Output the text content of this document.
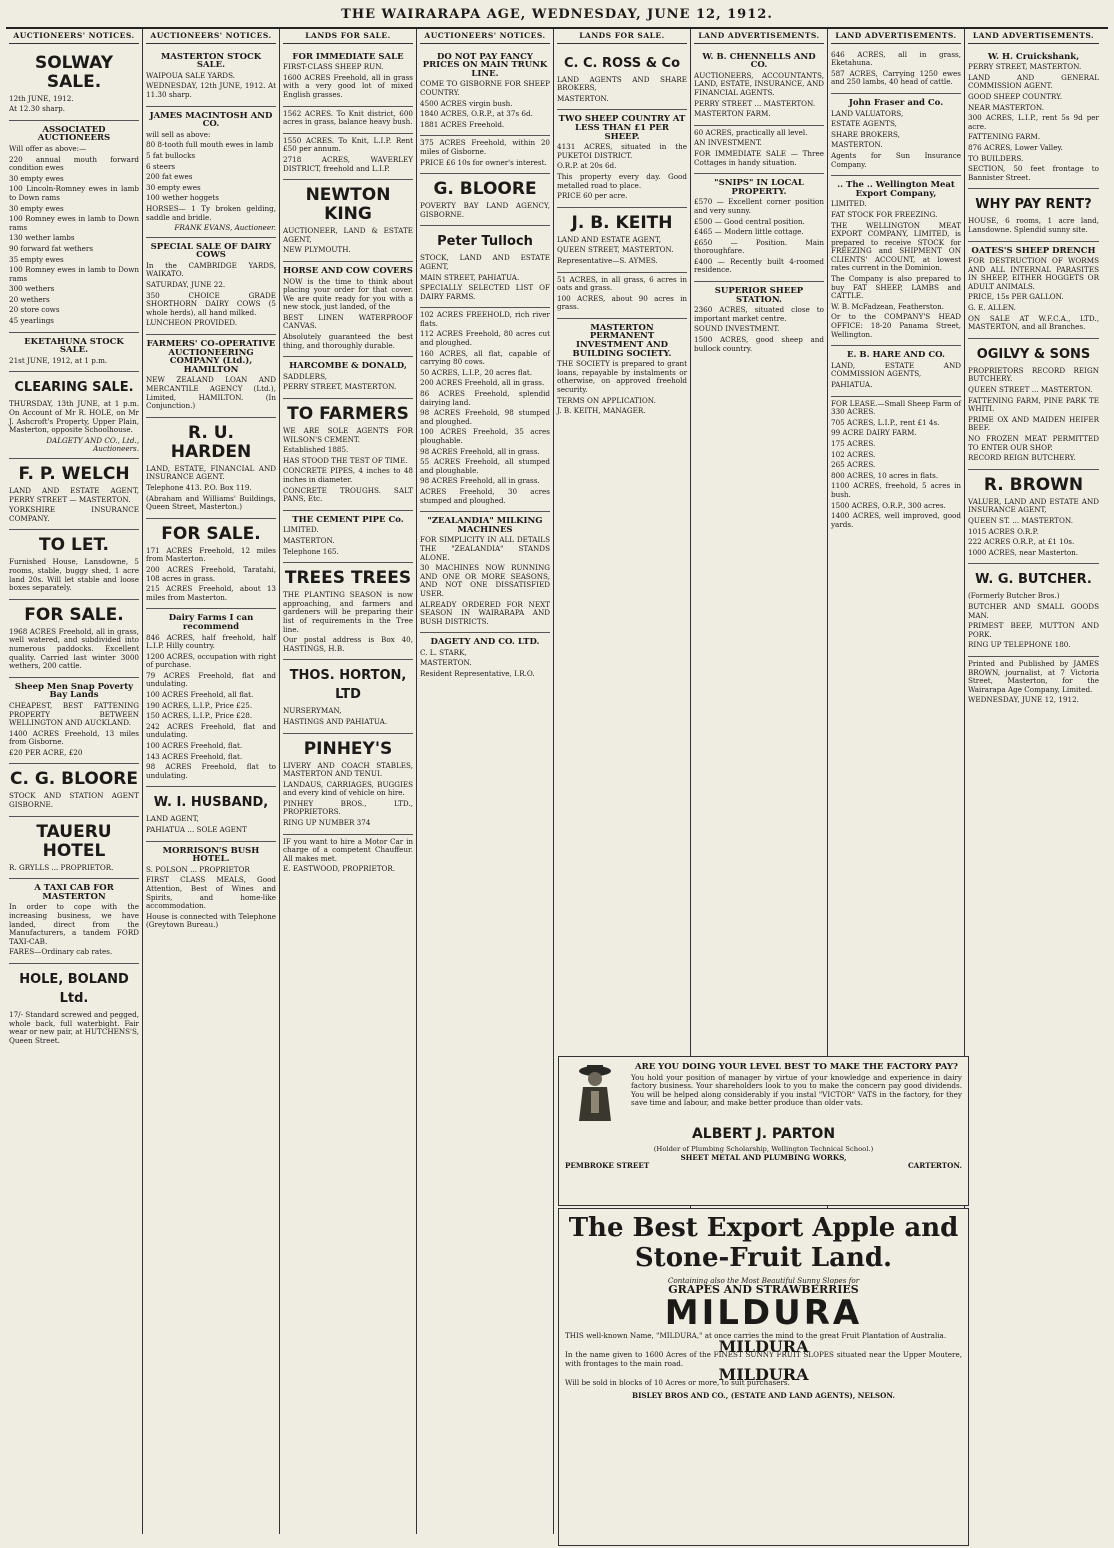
THE WAIRARAPA AGE, WEDNESDAY, JUNE 12, 1912.
AUCTIONEERS' NOTICES.
SOLWAY SALE.

12th JUNE, 1912.

At 12.30 sharp.

ASSOCIATED AUCTIONEERS

Will offer as above:—

220 annual mouth forward condition ewes

30 empty ewes

100 Lincoln-Romney ewes in lamb to Down rams

30 empty ewes

100 Romney ewes in lamb to Down rams

130 wether lambs

90 forward fat wethers

35 empty ewes

100 Romney ewes in lamb to Down rams

300 wethers

20 wethers

20 store cows

45 yearlings

EKETAHUNA STOCK SALE.

21st JUNE, 1912, at 1 p.m.

CLEARING SALE.

THURSDAY, 13th JUNE, at 1 p.m. On Account of Mr R. HOLE, on Mr J. Ashcroft's Property, Upper Plain, Masterton, opposite Schoolhouse.

DALGETY AND CO., Ltd., Auctioneers.
F. P. WELCH

LAND AND ESTATE AGENT, PERRY STREET — MASTERTON.

YORKSHIRE INSURANCE COMPANY.

TO LET.

Furnished House, Lansdowne, 5 rooms, stable, buggy shed, 1 acre land 20s. Will let stable and loose boxes separately.

FOR SALE.

1968 ACRES Freehold, all in grass, well watered, and subdivided into numerous paddocks. Excellent quality. Carried last winter 3000 wethers, 200 cattle.

Sheep Men Snap Poverty Bay Lands

CHEAPEST, BEST FATTENING PROPERTY BETWEEN WELLINGTON AND AUCKLAND.

1400 ACRES Freehold, 13 miles from Gisborne.

£20 PER ACRE, £20

C. G. BLOORE

STOCK AND STATION AGENT GISBORNE.

TAUERU HOTEL

R. GRYLLS ... PROPRIETOR.

A TAXI CAB FOR MASTERTON

In order to cope with the increasing business, we have landed, direct from the Manufacturers, a tandem FORD TAXI-CAB.

FARES—Ordinary cab rates.

HOLE, BOLAND Ltd.

17/- Standard screwed and pegged, whole back, full waterbight. Fair wear or new pair, at HUTCHENS'S, Queen Street.

AUCTIONEERS' NOTICES.
MASTERTON STOCK SALE.

WAIPOUA SALE YARDS.

WEDNESDAY, 12th JUNE, 1912. At 11.30 sharp.

JAMES MACINTOSH AND CO.

will sell as above:

80 8-tooth full mouth ewes in lamb

5 fat bullocks

6 steers

200 fat ewes

30 empty ewes

100 wether hoggets

HORSES— 1 Ty broken gelding, saddle and bridle.

FRANK EVANS, Auctioneer.
SPECIAL SALE OF DAIRY COWS

In the CAMBRIDGE YARDS, WAIKATO.

SATURDAY, JUNE 22.

350 CHOICE GRADE SHORTHORN DAIRY COWS (5 whole herds), all hand milked.

LUNCHEON PROVIDED.

FARMERS' CO-OPERATIVE AUCTIONEERING COMPANY (Ltd.), HAMILTON

NEW ZEALAND LOAN AND MERCANTILE AGENCY (Ltd.), Limited, HAMILTON. (In Conjunction.)

R. U. HARDEN

LAND, ESTATE, FINANCIAL AND INSURANCE AGENT.

Telephone 413. P.O. Box 119.

(Abraham and Williams' Buildings, Queen Street, Masterton.)

FOR SALE.

171 ACRES Freehold, 12 miles from Masterton.

200 ACRES Freehold, Taratahi, 108 acres in grass.

215 ACRES Freehold, about 13 miles from Masterton.

Dairy Farms I can recommend

846 ACRES, half freehold, half L.I.P. Hilly country.

1200 ACRES, occupation with right of purchase.

79 ACRES Freehold, flat and undulating.

100 ACRES Freehold, all flat.

190 ACRES, L.I.P., Price £25.

150 ACRES, L.I.P., Price £28.

242 ACRES Freehold, flat and undulating.

100 ACRES Freehold, flat.

143 ACRES Freehold, flat.

98 ACRES Freehold, flat to undulating.

W. I. HUSBAND,

LAND AGENT,

PAHIATUA ... SOLE AGENT

MORRISON'S BUSH HOTEL.

S. POLSON ... PROPRIETOR

FIRST CLASS MEALS, Good Attention, Best of Wines and Spirits, and home-like accommodation.

House is connected with Telephone (Greytown Bureau.)

LANDS FOR SALE.
FOR IMMEDIATE SALE

FIRST-CLASS SHEEP RUN.

1600 ACRES Freehold, all in grass with a very good lot of mixed English grasses.

1562 ACRES. To Knit district, 600 acres in grass, balance heavy bush.

1550 ACRES. To Knit, L.I.P. Rent £50 per annum.

2718 ACRES, WAVERLEY DISTRICT, freehold and L.I.P.

NEWTON KING

AUCTIONEER, LAND & ESTATE AGENT,

NEW PLYMOUTH.

HORSE AND COW COVERS

NOW is the time to think about placing your order for that cover. We are quite ready for you with a new stock, just landed, of the

BEST LINEN WATERPROOF CANVAS.

Absolutely guaranteed the best thing, and thoroughly durable.

HARCOMBE & DONALD,

SADDLERS,

PERRY STREET, MASTERTON.

TO FARMERS

WE ARE SOLE AGENTS FOR WILSON'S CEMENT.

Established 1885.

HAS STOOD THE TEST OF TIME.

CONCRETE PIPES, 4 inches to 48 inches in diameter.

CONCRETE TROUGHS. SALT PANS, Etc.

THE CEMENT PIPE Co.

LIMITED.

MASTERTON.

Telephone 165.

TREES TREES

THE PLANTING SEASON is now approaching, and farmers and gardeners will be preparing their list of requirements in the Tree line.

Our postal address is Box 40, HASTINGS, H.B.

THOS. HORTON, LTD

NURSERYMAN,

HASTINGS AND PAHIATUA.

PINHEY'S

LIVERY AND COACH STABLES, MASTERTON AND TENUI.

LANDAUS, CARRIAGES, BUGGIES and every kind of vehicle on hire.

PINHEY BROS., LTD., PROPRIETORS.

RING UP NUMBER 374

IF you want to hire a Motor Car in charge of a competent Chauffeur. All makes met.

E. EASTWOOD, PROPRIETOR.

AUCTIONEERS' NOTICES.
DO NOT PAY FANCY PRICES ON MAIN TRUNK LINE.

COME TO GISBORNE FOR SHEEP COUNTRY.

4500 ACRES virgin bush.

1840 ACRES, O.R.P., at 37s 6d.

1881 ACRES Freehold.

375 ACRES Freehold, within 20 miles of Gisborne.

PRICE £6 10s for owner's interest.

G. BLOORE

POVERTY BAY LAND AGENCY, GISBORNE.

Peter Tulloch

STOCK, LAND AND ESTATE AGENT,

MAIN STREET, PAHIATUA.

SPECIALLY SELECTED LIST OF DAIRY FARMS.

102 ACRES FREEHOLD, rich river flats.

112 ACRES Freehold, 80 acres cut and ploughed.

160 ACRES, all flat, capable of carrying 80 cows.

50 ACRES, L.I.P., 20 acres flat.

200 ACRES Freehold, all in grass.

86 ACRES Freehold, splendid dairying land.

98 ACRES Freehold, 98 stumped and ploughed.

100 ACRES Freehold, 35 acres ploughable.

98 ACRES Freehold, all in grass.

55 ACRES Freehold, all stumped and ploughable.

98 ACRES Freehold, all in grass.

ACRES Freehold, 30 acres stumped and ploughed.

"ZEALANDIA" MILKING MACHINES

FOR SIMPLICITY IN ALL DETAILS THE "ZEALANDIA" STANDS ALONE.

30 MACHINES NOW RUNNING AND ONE OR MORE SEASONS, AND NOT ONE DISSATISFIED USER.

ALREADY ORDERED FOR NEXT SEASON IN WAIRARAPA AND BUSH DISTRICTS.

DAGETY AND CO. LTD.

C. L. STARK,

MASTERTON.

Resident Representative, I.R.O.

LANDS FOR SALE.
C. C. ROSS & Co

LAND AGENTS AND SHARE BROKERS,

MASTERTON.

TWO SHEEP COUNTRY AT LESS THAN £1 PER SHEEP.

4131 ACRES, situated in the PUKETOI DISTRICT.

O.R.P. at 20s 6d.

This property every day. Good metalled road to place.

PRICE 60 per acre.

J. B. KEITH

LAND AND ESTATE AGENT,

QUEEN STREET, MASTERTON.

Representative—S. AYMES.

51 ACRES, in all grass, 6 acres in oats and grass.

100 ACRES, about 90 acres in grass.

MASTERTON PERMANENT INVESTMENT AND BUILDING SOCIETY.

THE SOCIETY is prepared to grant loans, repayable by instalments or otherwise, on approved freehold security.

TERMS ON APPLICATION.

J. B. KEITH, MANAGER.

LAND ADVERTISEMENTS.
W. B. CHENNELLS AND CO.

AUCTIONEERS, ACCOUNTANTS, LAND, ESTATE, INSURANCE, AND FINANCIAL AGENTS.

PERRY STREET ... MASTERTON.

MASTERTON FARM.

60 ACRES, practically all level.

AN INVESTMENT.

FOR IMMEDIATE SALE — Three Cottages in handy situation.

"SNIPS" IN LOCAL PROPERTY.

£570 — Excellent corner position and very sunny.

£500 — Good central position.

£465 — Modern little cottage.

£650 — Position. Main thoroughfare.

£400 — Recently built 4-roomed residence.

SUPERIOR SHEEP STATION.

2360 ACRES, situated close to important market centre.

SOUND INVESTMENT.

1500 ACRES, good sheep and bullock country.

LAND ADVERTISEMENTS.

646 ACRES, all in grass, Eketahuna.

587 ACRES, Carrying 1250 ewes and 250 lambs, 40 head of cattle.

John Fraser and Co.

LAND VALUATORS,

ESTATE AGENTS,

SHARE BROKERS,

MASTERTON.

Agents for Sun Insurance Company.

.. The .. Wellington Meat Export Company,

LIMITED.

FAT STOCK FOR FREEZING.

THE WELLINGTON MEAT EXPORT COMPANY, LIMITED, is prepared to receive STOCK for FREEZING and SHIPMENT ON CLIENTS' ACCOUNT, at lowest rates current in the Dominion.

The Company is also prepared to buy FAT SHEEP, LAMBS and CATTLE.

W. B. McFadzean, Featherston.

Or to the COMPANY'S HEAD OFFICE: 18-20 Panama Street, Wellington.

E. B. HARE AND CO.

LAND, ESTATE AND COMMISSION AGENTS,

PAHIATUA.

FOR LEASE.—Small Sheep Farm of 330 ACRES.

705 ACRES, L.I.P., rent £1 4s.

99 ACRE DAIRY FARM.

175 ACRES.

102 ACRES.

265 ACRES.

800 ACRES, 10 acres in flats.

1100 ACRES, freehold, 5 acres in bush.

1500 ACRES, O.R.P., 300 acres.

1400 ACRES, well improved, good yards.

LAND ADVERTISEMENTS.
W. H. Cruickshank,

PERRY STREET, MASTERTON.

LAND AND GENERAL COMMISSION AGENT.

GOOD SHEEP COUNTRY.

NEAR MASTERTON.

300 ACRES, L.I.P., rent 5s 9d per acre.

FATTENING FARM.

876 ACRES, Lower Valley.

TO BUILDERS.

SECTION, 50 feet frontage to Bannister Street.

WHY PAY RENT?

HOUSE, 6 rooms, 1 acre land, Lansdowne. Splendid sunny site.

OATES'S SHEEP DRENCH

FOR DESTRUCTION OF WORMS AND ALL INTERNAL PARASITES IN SHEEP, EITHER HOGGETS OR ADULT ANIMALS.

PRICE, 15s PER GALLON.

G. E. ALLEN.

ON SALE AT W.F.C.A., LTD., MASTERTON, and all Branches.

OGILVY & SONS

PROPRIETORS RECORD REIGN BUTCHERY.

QUEEN STREET ... MASTERTON.

FATTENING FARM, PINE PARK TE WHITI.

PRIME OX AND MAIDEN HEIFER BEEF.

NO FROZEN MEAT PERMITTED TO ENTER OUR SHOP.

RECORD REIGN BUTCHERY.

R. BROWN

VALUER, LAND AND ESTATE AND INSURANCE AGENT,

QUEEN ST. ... MASTERTON.

1015 ACRES O.R.P.

222 ACRES O.R.P., at £1 10s.

1000 ACRES, near Masterton.

W. G. BUTCHER.

(Formerly Butcher Bros.)

BUTCHER AND SMALL GOODS MAN.

PRIMEST BEEF, MUTTON AND PORK.

RING UP TELEPHONE 180.

Printed and Published by JAMES BROWN, journalist, at 7 Victoria Street, Masterton, for the Wairarapa Age Company, Limited.

WEDNESDAY, JUNE 12, 1912.

ARE YOU DOING YOUR LEVEL BEST TO MAKE THE FACTORY PAY?

You hold your position of manager by virtue of your knowledge and experience in dairy factory business. Your shareholders look to you to make the concern pay good dividends. You will be helped along considerably if you instal "VICTOR" VATS in the factory, for they save time and labour, and make better produce than older vats.

ALBERT J. PARTON
(Holder of Plumbing Scholarship, Wellington Technical School.)
SHEET METAL AND PLUMBING WORKS,
PEMBROKE STREET	CARTERTON.
The Best Export Apple and Stone-Fruit Land.
Containing also the Most Beautiful Sunny Slopes for
GRAPES AND STRAWBERRIES
MILDURA

THIS well-known Name, "MILDURA," at once carries the mind to the great Fruit Plantation of Australia.

MILDURA

In the name given to 1600 Acres of the FINEST SUNNY FRUIT SLOPES situated near the Upper Moutere, with frontages to the main road.

MILDURA

Will be sold in blocks of 10 Acres or more, to suit purchasers.

BISLEY BROS AND CO., (ESTATE AND LAND AGENTS), NELSON.
